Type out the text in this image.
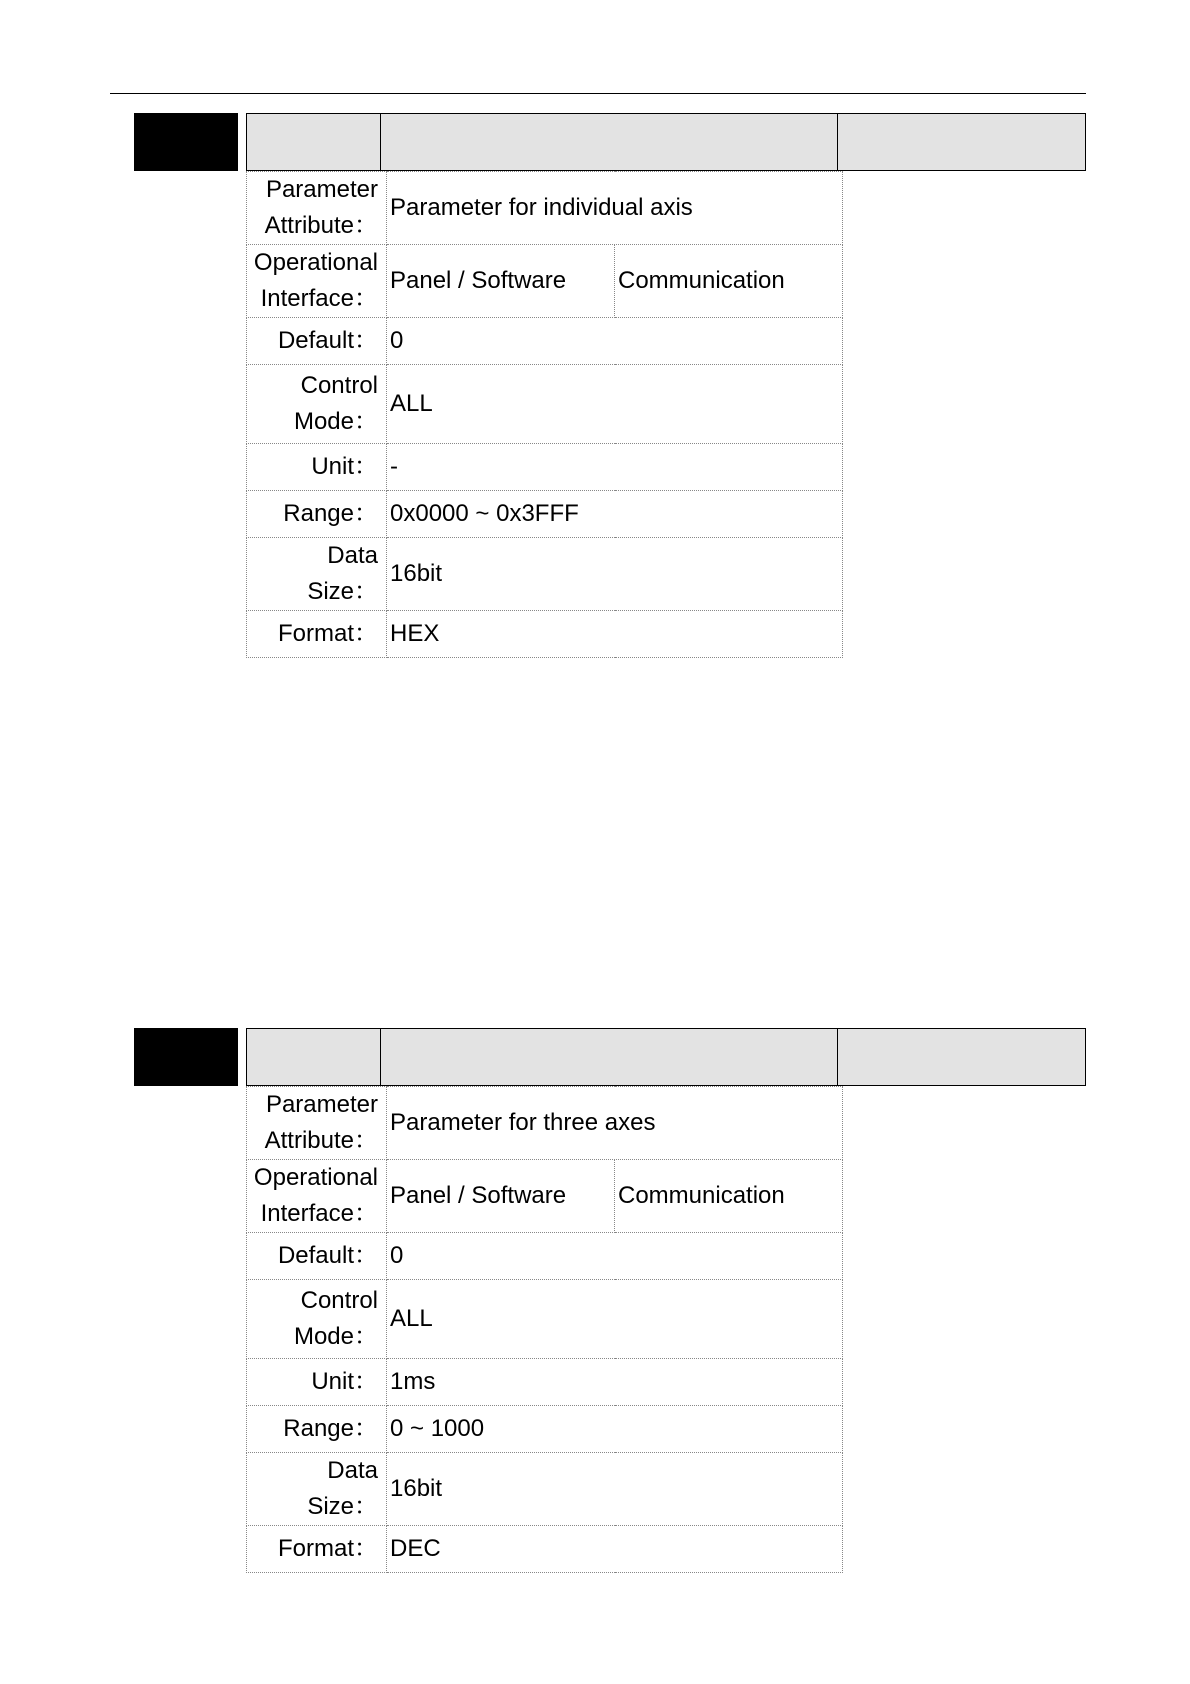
Parameter
Attribute：	Parameter for individual axis	
Operational
Interface：	Panel / Software	Communication
Default：	0	
Control
Mode：	ALL	
Unit：	-	
Range：	0x0000 ~ 0x3FFF	
Data Size：	16bit	
Format：	HEX	
Parameter
Attribute：	Parameter for three axes	
Operational
Interface：	Panel / Software	Communication
Default：	0	
Control
Mode：	ALL	
Unit：	1ms	
Range：	0 ~ 1000	
Data Size：	16bit	
Format：	DEC	
